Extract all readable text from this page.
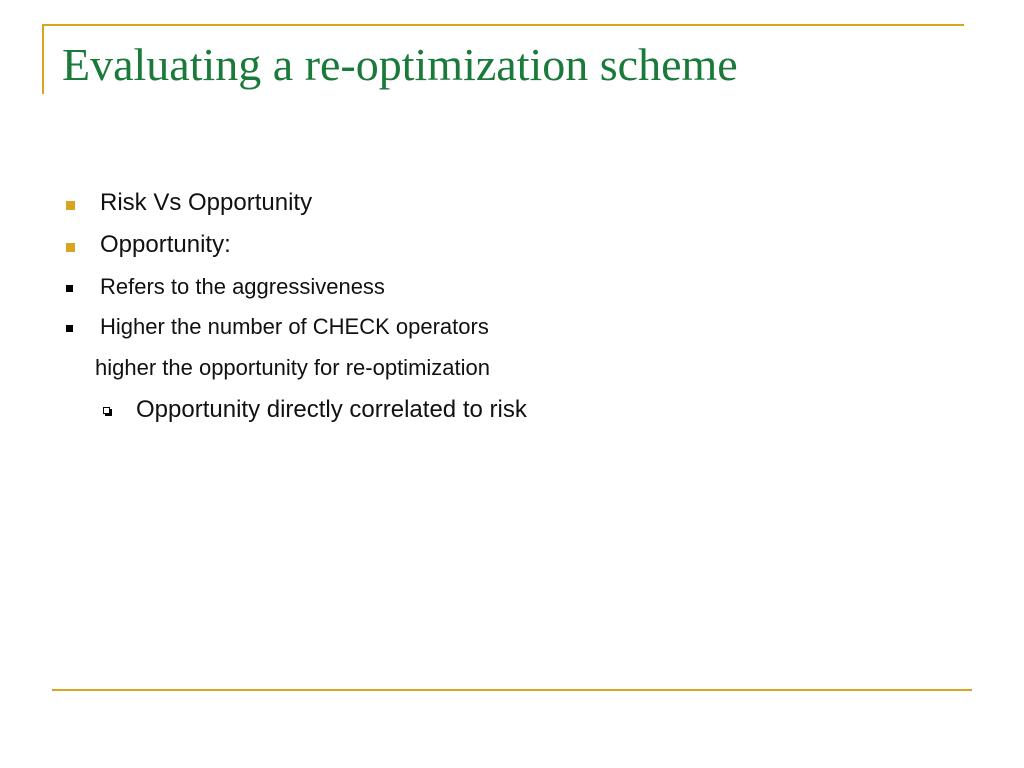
Evaluating a re-optimization scheme
Risk Vs Opportunity
Opportunity:
Refers to the aggressiveness
Higher the number of CHECK operators
higher the opportunity for re-optimization
Opportunity directly correlated to risk
